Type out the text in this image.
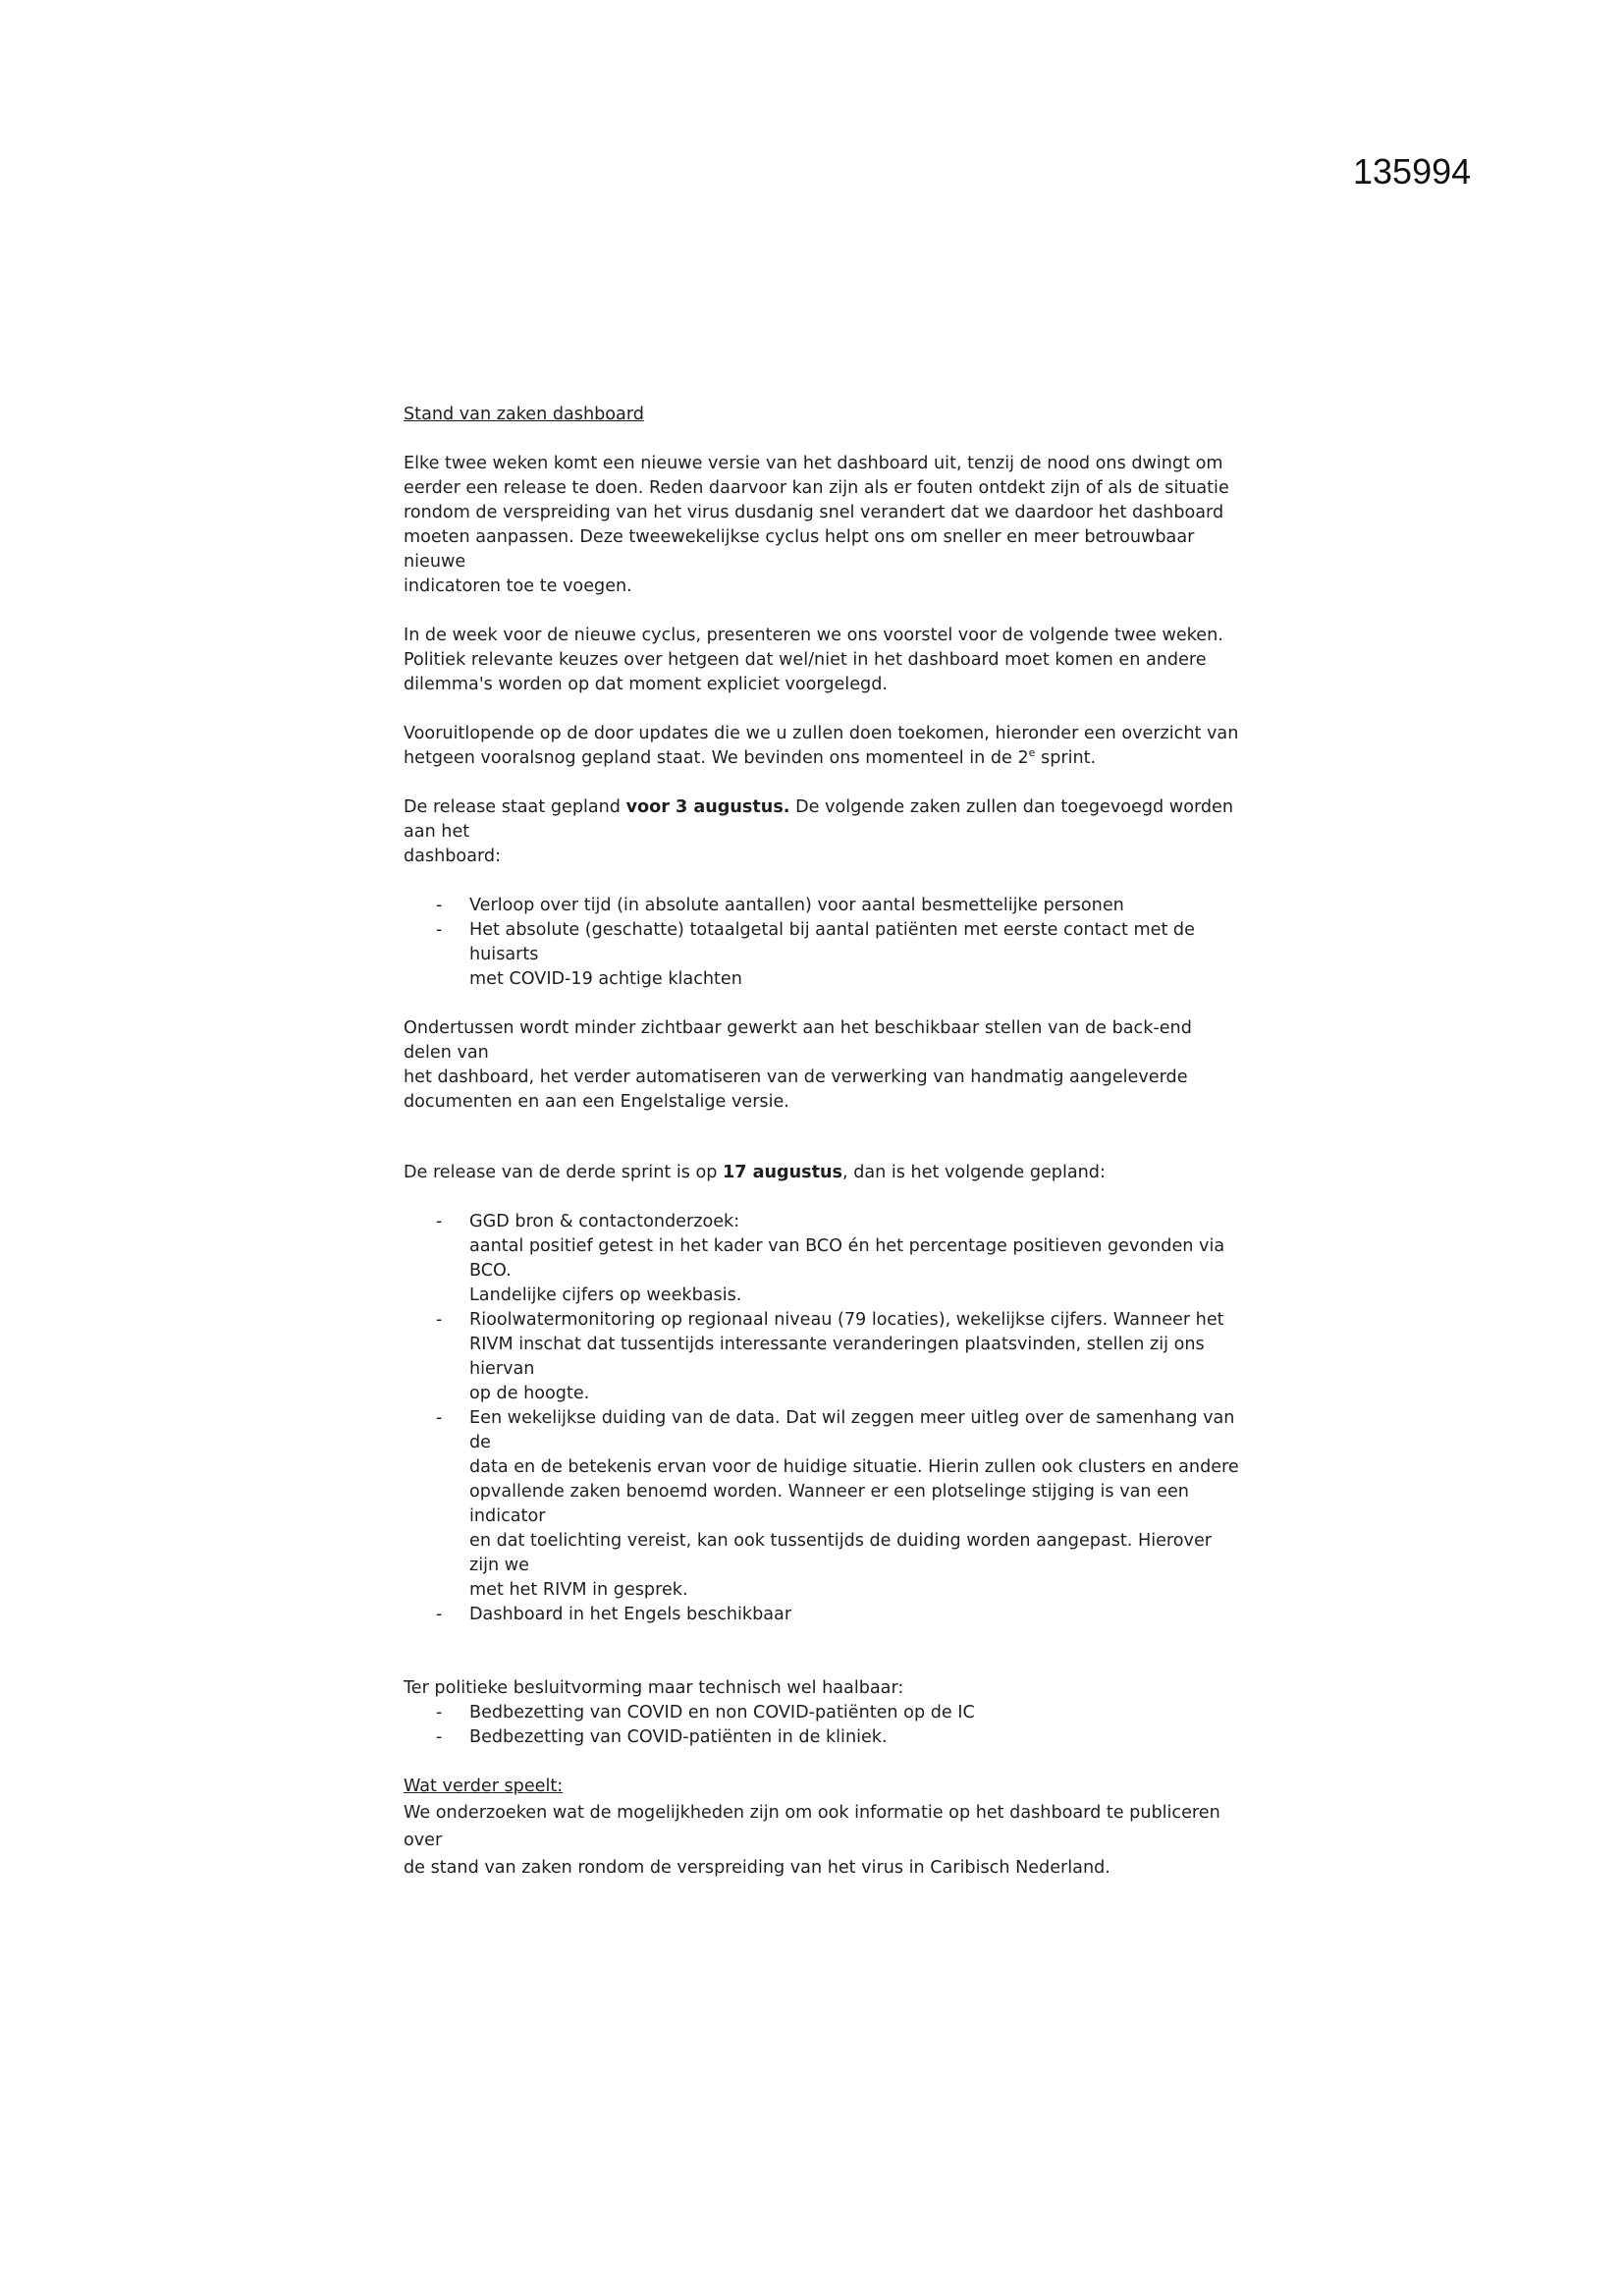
135994

Stand van zaken dashboard

Elke twee weken komt een nieuwe versie van het dashboard uit, tenzij de nood ons dwingt om
eerder een release te doen. Reden daarvoor kan zijn als er fouten ontdekt zijn of als de situatie
rondom de verspreiding van het virus dusdanig snel verandert dat we daardoor het dashboard
moeten aanpassen. Deze tweewekelijkse cyclus helpt ons om sneller en meer betrouwbaar nieuwe
indicatoren toe te voegen.

In de week voor de nieuwe cyclus, presenteren we ons voorstel voor de volgende twee weken.
Politiek relevante keuzes over hetgeen dat wel/niet in het dashboard moet komen en andere
dilemma's worden op dat moment expliciet voorgelegd.

Vooruitlopende op de door updates die we u zullen doen toekomen, hieronder een overzicht van
hetgeen vooralsnog gepland staat. We bevinden ons momenteel in de 2e sprint.

De release staat gepland voor 3 augustus. De volgende zaken zullen dan toegevoegd worden aan het
dashboard:

- Verloop over tijd (in absolute aantallen) voor aantal besmettelijke personen
- Het absolute (geschatte) totaalgetal bij aantal patiënten met eerste contact met de huisarts
met COVID-19 achtige klachten

Ondertussen wordt minder zichtbaar gewerkt aan het beschikbaar stellen van de back-end delen van
het dashboard, het verder automatiseren van de verwerking van handmatig aangeleverde

documenten en aan een Engelstalige versie.

De release van de derde sprint is op 17 augustus, dan is het volgende gepland:

- GGD bron & contactonderzoek:
aantal positief getest in het kader van BCO én het percentage positieven gevonden via BCO.
Landelijke cijfers op weekbasis.
- Rioolwatermonitoring op regionaal niveau (79 locaties), wekelijkse cijfers. Wanneer het
RIVM inschat dat tussentijds interessante veranderingen plaatsvinden, stellen zij ons hiervan
op de hoogte.
- Een wekelijkse duiding van de data. Dat wil zeggen meer uitleg over de samenhang van de
data en de betekenis ervan voor de huidige situatie. Hierin zullen ook clusters en andere
opvallende zaken benoemd worden. Wanneer er een plotselinge stijging is van een indicator
en dat toelichting vereist, kan ook tussentijds de duiding worden aangepast. Hierover zijn we
met het RIVM in gesprek.
- Dashboard in het Engels beschikbaar

Ter politieke besluitvorming maar technisch wel haalbaar:

- Bedbezetting van COVID en non COVID-patiënten op de IC
- Bedbezetting van COVID-patiënten in de kliniek.

Wat verder speelt:

We onderzoeken wat de mogelijkheden zijn om ook informatie op het dashboard te publiceren over
de stand van zaken rondom de verspreiding van het virus in Caribisch Nederland.
